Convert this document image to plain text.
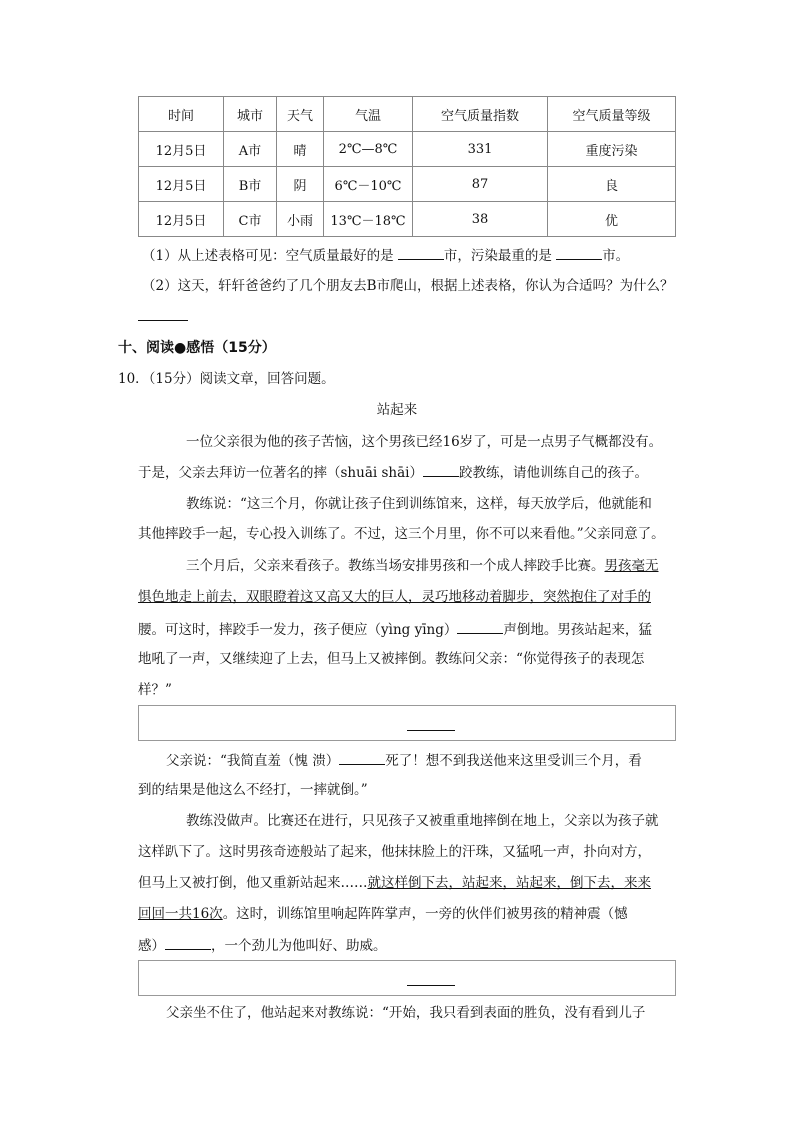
时间	城市	天气	气温	空气质量指数	空气质量等级
12月5日	A市	晴	2℃—8℃	331	重度污染
12月5日	B市	阴	6℃－10℃	87	良
12月5日	C市	小雨	13℃－18℃	38	优
（1）从上述表格可见：空气质量最好的是	市，污染最重的是	市。
（2）这天，轩轩爸爸约了几个朋友去B市爬山，根据上述表格，你认为合适吗？为什么？
十、阅读●感悟（15分）
10．（15分）阅读文章，回答问题。
站起来
一位父亲很为他的孩子苦恼，这个男孩已经16岁了，可是一点男子气概都没有。
于是，父亲去拜访一位著名的摔（shuāi shāi）	跤教练，请他训练自己的孩子。
教练说：“这三个月，你就让孩子住到训练馆来，这样，每天放学后，他就能和
其他摔跤手一起，专心投入训练了。不过，这三个月里，你不可以来看他。”父亲同意了。
三个月后，父亲来看孩子。教练当场安排男孩和一个成人摔跤手比赛。男孩毫无
惧色地走上前去，双眼瞪着这又高又大的巨人，灵巧地移动着脚步，突然抱住了对手的
腰。可这时，摔跤手一发力，孩子便应（yìng yīng）	声倒地。男孩站起来，猛
地吼了一声，又继续迎了上去，但马上又被摔倒。教练问父亲：“你觉得孩子的表现怎
样？”
父亲说：“我简直羞（愧 溃）	死了！想不到我送他来这里受训三个月，看
到的结果是他这么不经打，一摔就倒。”
教练没做声。比赛还在进行，只见孩子又被重重地摔倒在地上，父亲以为孩子就
这样趴下了。这时男孩奇迹般站了起来，他抹抹脸上的汗珠，又猛吼一声，扑向对方，
但马上又被打倒，他又重新站起来……就这样倒下去，站起来，站起来，倒下去，来来
回回一共16次。这时，训练馆里响起阵阵掌声，一旁的伙伴们被男孩的精神震（憾
感）	，一个劲儿为他叫好、助威。
父亲坐不住了，他站起来对教练说：“开始，我只看到表面的胜负，没有看到儿子
